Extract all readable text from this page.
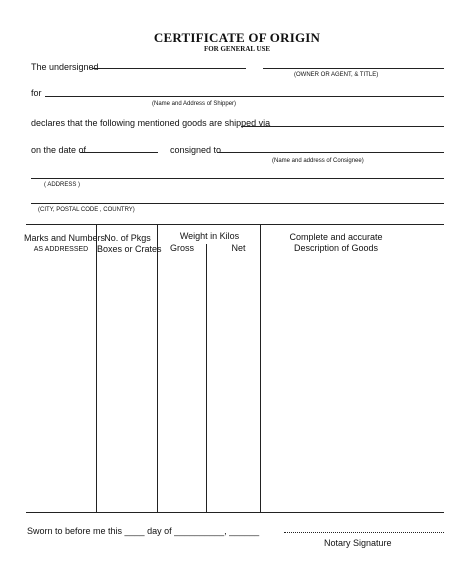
CERTIFICATE OF ORIGIN
FOR GENERAL USE
The undersigned
(OWNER OR AGENT, & TITLE)
for
(Name and Address of Shipper)
declares that the following mentioned goods are shipped via
on the date of	consigned to
(Name and address of Consignee)
( ADDRESS )
(CITY, POSTAL CODE , COUNTRY)
Marks and Numbers
AS ADDRESSED
No. of Pkgs
Boxes or Crates
Weight in Kilos
Gross	Net
Complete and accurate
Description of Goods
Sworn to before me this ____ day of __________, ______
Notary Signature
